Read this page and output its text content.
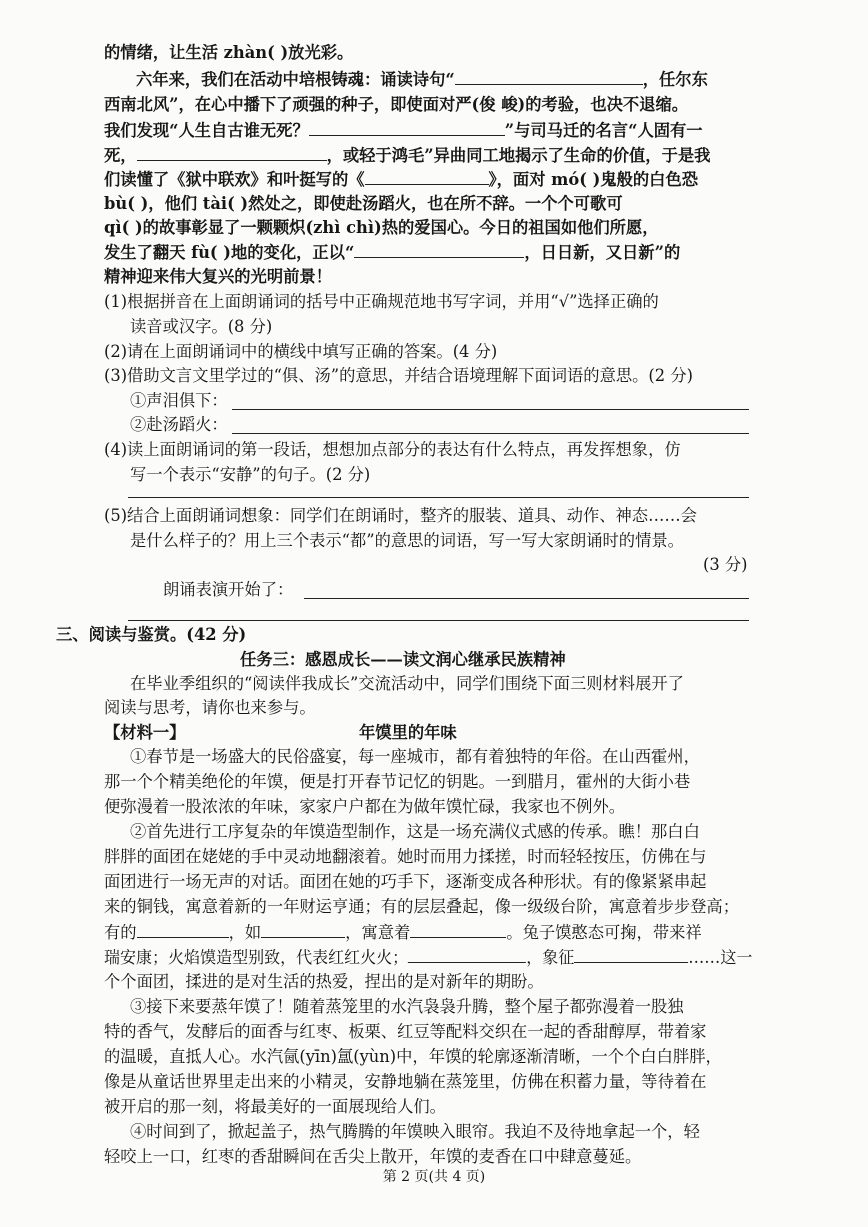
的情绪，让生活 zhàn( )放光彩。
六年来，我们在活动中培根铸魂：诵读诗句“	，任尔东
西南北风”，在心中播下了顽强的种子，即使面对严(俊 峻)的考验，也决不退缩。
我们发现“人生自古谁无死？	”与司马迁的名言“人固有一
死，	，或轻于鸿毛”异曲同工地揭示了生命的价值，于是我
们读懂了《狱中联欢》和叶挺写的《	》，面对 mó( )鬼般的白色恐
bù( )，他们 tài( )然处之，即使赴汤蹈火，也在所不辞。一个个可歌可
qì( )的故事彰显了一颗颗炽(zhì chì)热的爱国心。今日的祖国如他们所愿，
发生了翻天 fù( )地的变化，正以“	，日日新，又日新”的
精神迎来伟大复兴的光明前景！
(1)根据拼音在上面朗诵词的括号中正确规范地书写字词，并用“√”选择正确的
读音或汉字。(8 分)
(2)请在上面朗诵词中的横线中填写正确的答案。(4 分)
(3)借助文言文里学过的“俱、汤”的意思，并结合语境理解下面词语的意思。(2 分)
①声泪俱下：
②赴汤蹈火：
(4)读上面朗诵词的第一段话，想想加点部分的表达有什么特点，再发挥想象，仿
写一个表示“安静”的句子。(2 分)
(5)结合上面朗诵词想象：同学们在朗诵时，整齐的服装、道具、动作、神态……会
是什么样子的？用上三个表示“都”的意思的词语，写一写大家朗诵时的情景。
(3 分)
朗诵表演开始了：
三、阅读与鉴赏。(42 分)
任务三：感恩成长——读文润心继承民族精神
在毕业季组织的“阅读伴我成长”交流活动中，同学们围绕下面三则材料展开了
阅读与思考，请你也来参与。
【材料一】	年馍里的年味
①春节是一场盛大的民俗盛宴，每一座城市，都有着独特的年俗。在山西霍州，
那一个个精美绝伦的年馍，便是打开春节记忆的钥匙。一到腊月，霍州的大街小巷
便弥漫着一股浓浓的年味，家家户户都在为做年馍忙碌，我家也不例外。
②首先进行工序复杂的年馍造型制作，这是一场充满仪式感的传承。瞧！那白白
胖胖的面团在姥姥的手中灵动地翻滚着。她时而用力揉搓，时而轻轻按压，仿佛在与
面团进行一场无声的对话。面团在她的巧手下，逐渐变成各种形状。有的像紧紧串起
来的铜钱，寓意着新的一年财运亨通；有的层层叠起，像一级级台阶，寓意着步步登高；
有的	，如	，寓意着	。兔子馍憨态可掬，带来祥
瑞安康；火焰馍造型别致，代表红红火火；	，象征	……这一
个个面团，揉进的是对生活的热爱，捏出的是对新年的期盼。
③接下来要蒸年馍了！随着蒸笼里的水汽袅袅升腾，整个屋子都弥漫着一股独
特的香气，发酵后的面香与红枣、板栗、红豆等配料交织在一起的香甜醇厚，带着家
的温暖，直抵人心。水汽氤(yīn)氲(yùn)中，年馍的轮廓逐渐清晰，一个个白白胖胖，
像是从童话世界里走出来的小精灵，安静地躺在蒸笼里，仿佛在积蓄力量，等待着在
被开启的那一刻，将最美好的一面展现给人们。
④时间到了，掀起盖子，热气腾腾的年馍映入眼帘。我迫不及待地拿起一个，轻
轻咬上一口，红枣的香甜瞬间在舌尖上散开，年馍的麦香在口中肆意蔓延。
第 2 页(共 4 页)
